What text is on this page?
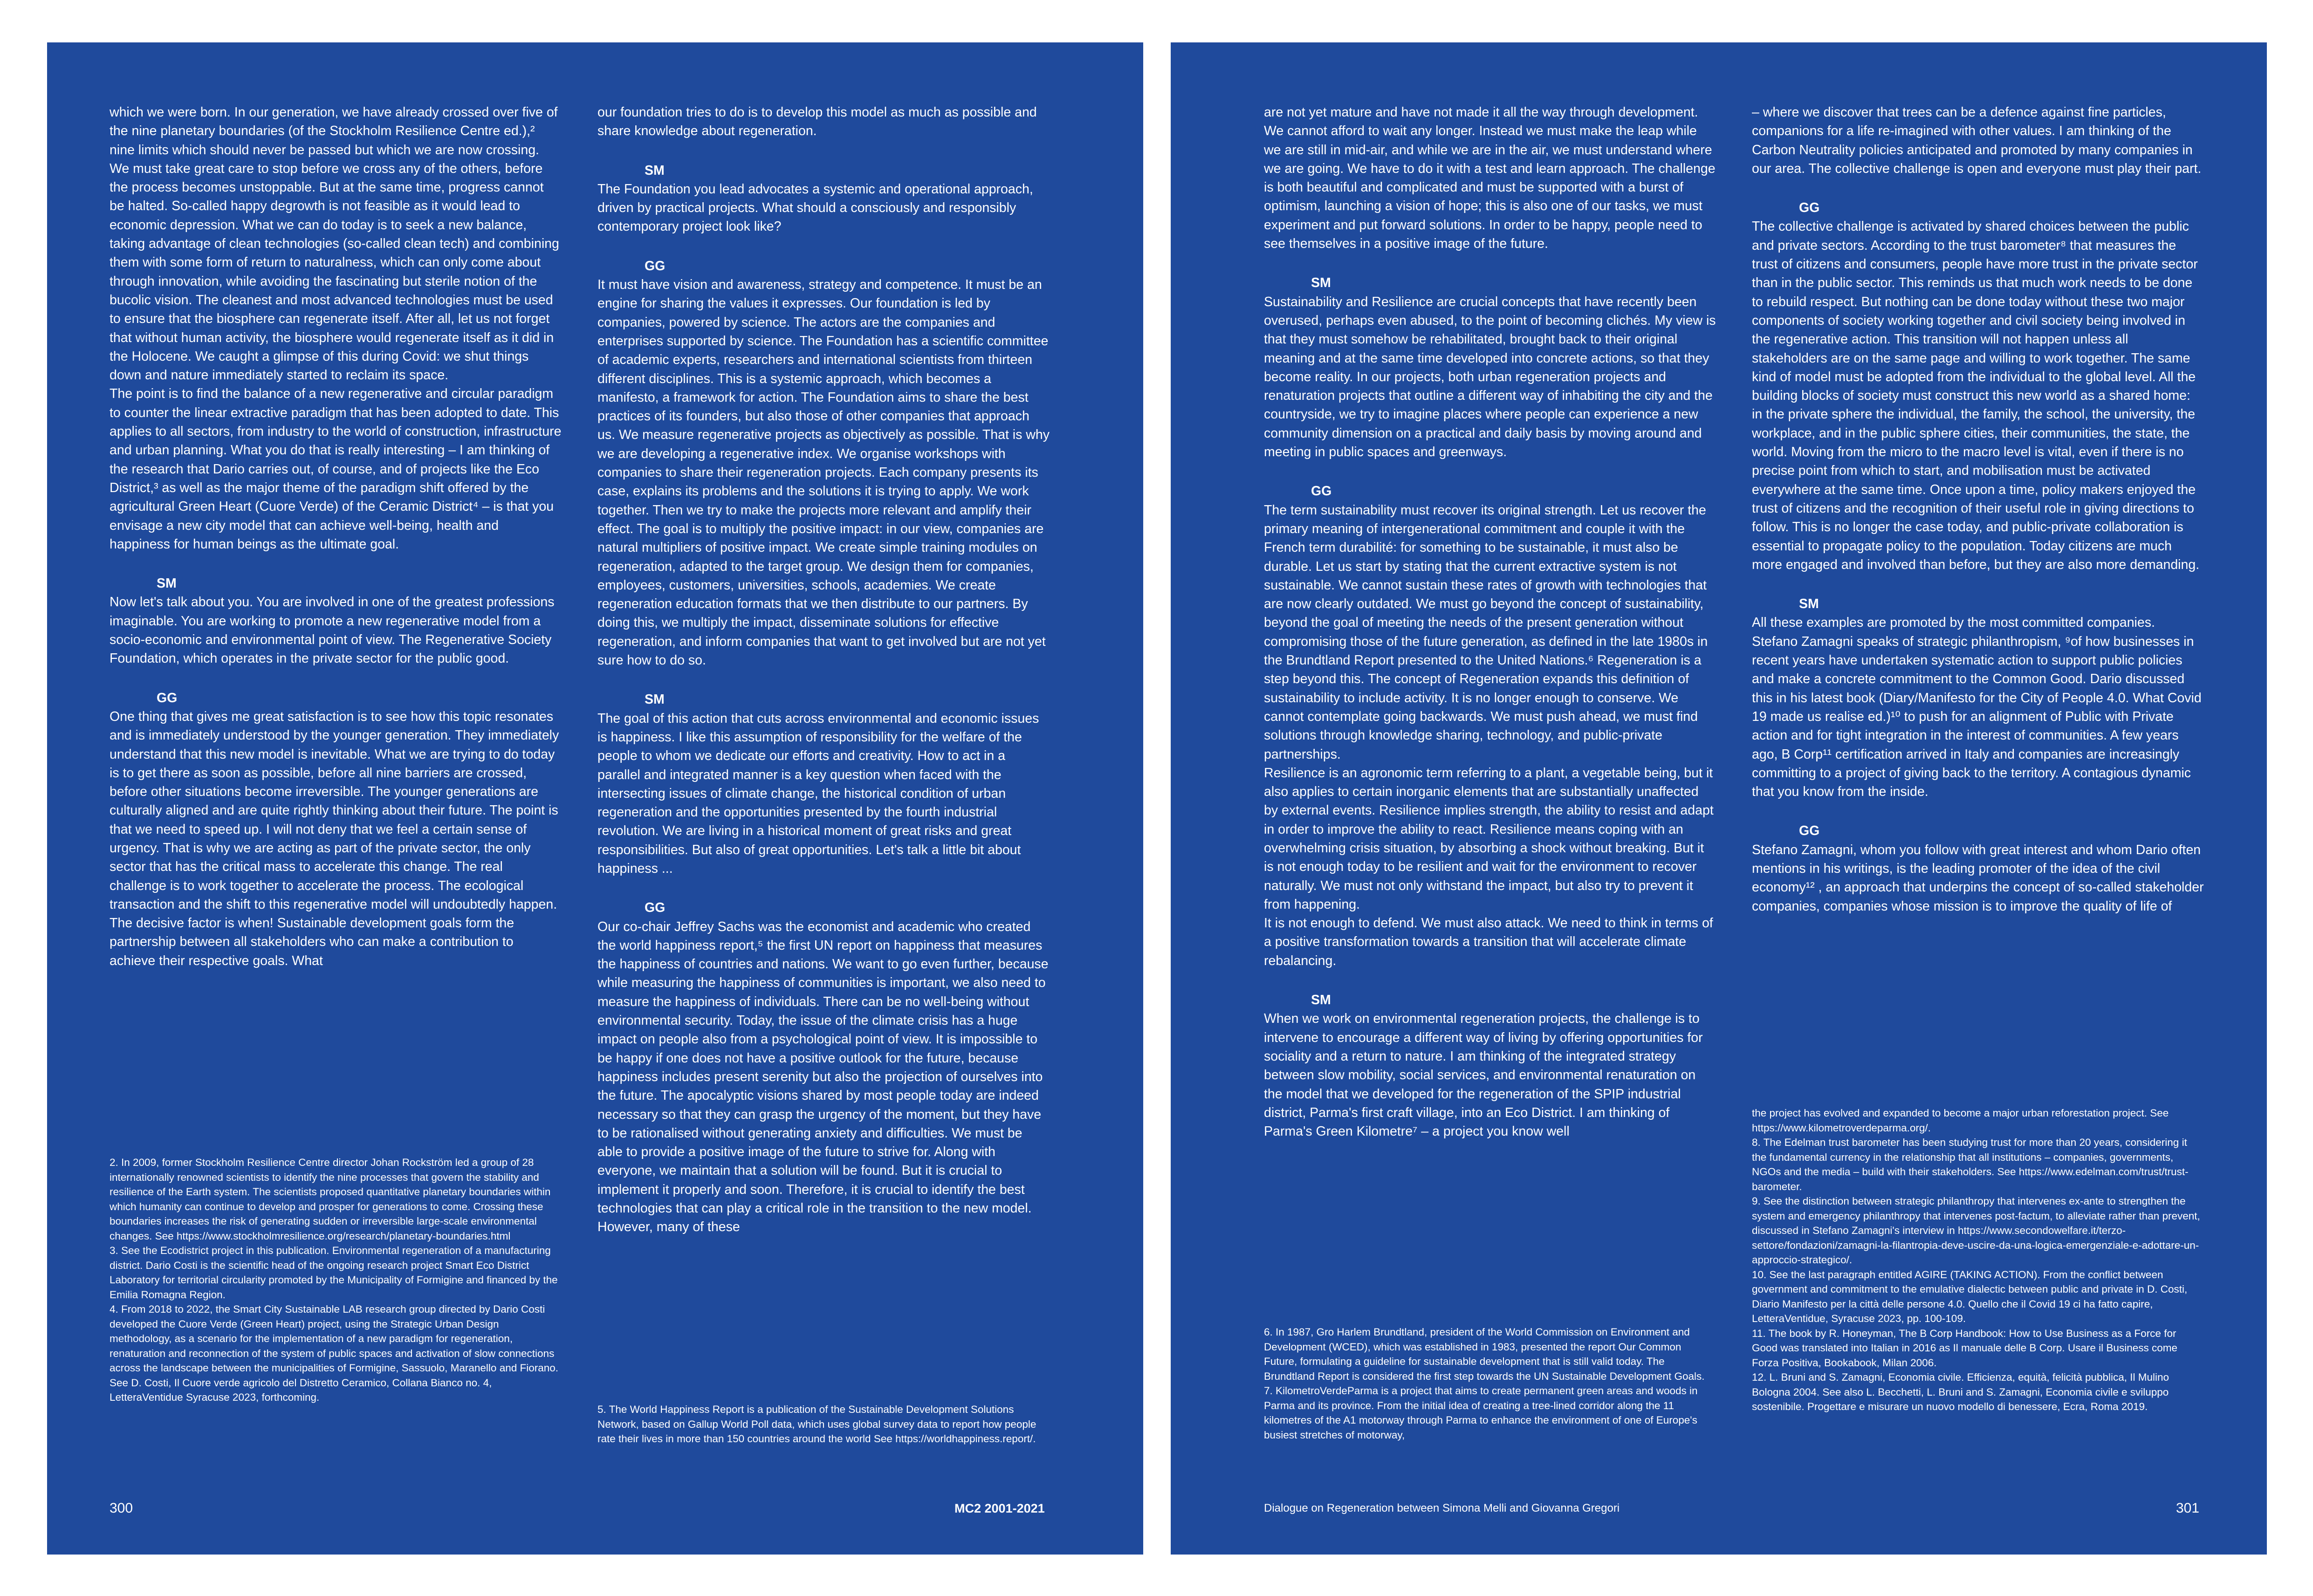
which we were born. In our generation, we have already crossed over five of the nine planetary boundaries (of the Stockholm Resilience Centre ed.),² nine limits which should never be passed but which we are now crossing. We must take great care to stop before we cross any of the others, before the process becomes unstoppable. But at the same time, progress cannot be halted. So-called happy degrowth is not feasible as it would lead to economic depression. What we can do today is to seek a new balance, taking advantage of clean technologies (so-called clean tech) and combining them with some form of return to naturalness, which can only come about through innovation, while avoiding the fascinating but sterile notion of the bucolic vision. The cleanest and most advanced technologies must be used to ensure that the biosphere can regenerate itself. After all, let us not forget that without human activity, the biosphere would regenerate itself as it did in the Holocene. We caught a glimpse of this during Covid: we shut things down and nature immediately started to reclaim its space.

The point is to find the balance of a new regenerative and circular paradigm to counter the linear extractive paradigm that has been adopted to date. This applies to all sectors, from industry to the world of construction, infrastructure and urban planning. What you do that is really interesting – I am thinking of the research that Dario carries out, of course, and of projects like the Eco District,³ as well as the major theme of the paradigm shift offered by the agricultural Green Heart (Cuore Verde) of the Ceramic District⁴ – is that you envisage a new city model that can achieve well-being, health and happiness for human beings as the ultimate goal.

SM

Now let's talk about you. You are involved in one of the greatest professions imaginable. You are working to promote a new regenerative model from a socio-economic and environmental point of view. The Regenerative Society Foundation, which operates in the private sector for the public good.

GG

One thing that gives me great satisfaction is to see how this topic resonates and is immediately understood by the younger generation. They immediately understand that this new model is inevitable. What we are trying to do today is to get there as soon as possible, before all nine barriers are crossed, before other situations become irreversible. The younger generations are culturally aligned and are quite rightly thinking about their future. The point is that we need to speed up. I will not deny that we feel a certain sense of urgency. That is why we are acting as part of the private sector, the only sector that has the critical mass to accelerate this change. The real challenge is to work together to accelerate the process. The ecological transaction and the shift to this regenerative model will undoubtedly happen. The decisive factor is when! Sustainable development goals form the partnership between all stakeholders who can make a contribution to achieve their respective goals. What

2. In 2009, former Stockholm Resilience Centre director Johan Rockström led a group of 28 internationally renowned scientists to identify the nine processes that govern the stability and resilience of the Earth system. The scientists proposed quantitative planetary boundaries within which humanity can continue to develop and prosper for generations to come. Crossing these boundaries increases the risk of generating sudden or irreversible large-scale environmental changes. See https://www.stockholmresilience.org/research/planetary-boundaries.html
3. See the Ecodistrict project in this publication. Environmental regeneration of a manufacturing district. Dario Costi is the scientific head of the ongoing research project Smart Eco District Laboratory for territorial circularity promoted by the Municipality of Formigine and financed by the Emilia Romagna Region.
4. From 2018 to 2022, the Smart City Sustainable LAB research group directed by Dario Costi developed the Cuore Verde (Green Heart) project, using the Strategic Urban Design methodology, as a scenario for the implementation of a new paradigm for regeneration, renaturation and reconnection of the system of public spaces and activation of slow connections across the landscape between the municipalities of Formigine, Sassuolo, Maranello and Fiorano. See D. Costi, Il Cuore verde agricolo del Distretto Ceramico, Collana Bianco no. 4, LetteraVentidue Syracuse 2023, forthcoming.

our foundation tries to do is to develop this model as much as possible and share knowledge about regeneration.

SM

The Foundation you lead advocates a systemic and operational approach, driven by practical projects. What should a consciously and responsibly contemporary project look like?

GG

It must have vision and awareness, strategy and competence. It must be an engine for sharing the values it expresses. Our foundation is led by companies, powered by science. The actors are the companies and enterprises supported by science. The Foundation has a scientific committee of academic experts, researchers and international scientists from thirteen different disciplines. This is a systemic approach, which becomes a manifesto, a framework for action. The Foundation aims to share the best practices of its founders, but also those of other companies that approach us. We measure regenerative projects as objectively as possible. That is why we are developing a regenerative index. We organise workshops with companies to share their regeneration projects. Each company presents its case, explains its problems and the solutions it is trying to apply. We work together. Then we try to make the projects more relevant and amplify their effect. The goal is to multiply the positive impact: in our view, companies are natural multipliers of positive impact. We create simple training modules on regeneration, adapted to the target group. We design them for companies, employees, customers, universities, schools, academies. We create regeneration education formats that we then distribute to our partners. By doing this, we multiply the impact, disseminate solutions for effective regeneration, and inform companies that want to get involved but are not yet sure how to do so.

SM

The goal of this action that cuts across environmental and economic issues is happiness. I like this assumption of responsibility for the welfare of the people to whom we dedicate our efforts and creativity. How to act in a parallel and integrated manner is a key question when faced with the intersecting issues of climate change, the historical condition of urban regeneration and the opportunities presented by the fourth industrial revolution. We are living in a historical moment of great risks and great responsibilities. But also of great opportunities. Let's talk a little bit about happiness ...

GG

Our co-chair Jeffrey Sachs was the economist and academic who created the world happiness report,⁵ the first UN report on happiness that measures the happiness of countries and nations. We want to go even further, because while measuring the happiness of communities is important, we also need to measure the happiness of individuals. There can be no well-being without environmental security. Today, the issue of the climate crisis has a huge impact on people also from a psychological point of view. It is impossible to be happy if one does not have a positive outlook for the future, because happiness includes present serenity but also the projection of ourselves into the future. The apocalyptic visions shared by most people today are indeed necessary so that they can grasp the urgency of the moment, but they have to be rationalised without generating anxiety and difficulties. We must be able to provide a positive image of the future to strive for. Along with everyone, we maintain that a solution will be found. But it is crucial to implement it properly and soon. Therefore, it is crucial to identify the best technologies that can play a critical role in the transition to the new model. However, many of these

5. The World Happiness Report is a publication of the Sustainable Development Solutions Network, based on Gallup World Poll data, which uses global survey data to report how people rate their lives in more than 150 countries around the world See https://worldhappiness.report/.

300	MC2 2001-2021

are not yet mature and have not made it all the way through development. We cannot afford to wait any longer. Instead we must make the leap while we are still in mid-air, and while we are in the air, we must understand where we are going. We have to do it with a test and learn approach. The challenge is both beautiful and complicated and must be supported with a burst of optimism, launching a vision of hope; this is also one of our tasks, we must experiment and put forward solutions. In order to be happy, people need to see themselves in a positive image of the future.

SM

Sustainability and Resilience are crucial concepts that have recently been overused, perhaps even abused, to the point of becoming clichés. My view is that they must somehow be rehabilitated, brought back to their original meaning and at the same time developed into concrete actions, so that they become reality. In our projects, both urban regeneration projects and renaturation projects that outline a different way of inhabiting the city and the countryside, we try to imagine places where people can experience a new community dimension on a practical and daily basis by moving around and meeting in public spaces and greenways.

GG

The term sustainability must recover its original strength. Let us recover the primary meaning of intergenerational commitment and couple it with the French term durabilité: for something to be sustainable, it must also be durable. Let us start by stating that the current extractive system is not sustainable. We cannot sustain these rates of growth with technologies that are now clearly outdated. We must go beyond the concept of sustainability, beyond the goal of meeting the needs of the present generation without compromising those of the future generation, as defined in the late 1980s in the Brundtland Report presented to the United Nations.⁶ Regeneration is a step beyond this. The concept of Regeneration expands this definition of sustainability to include activity. It is no longer enough to conserve. We cannot contemplate going backwards. We must push ahead, we must find solutions through knowledge sharing, technology, and public-private partnerships.

Resilience is an agronomic term referring to a plant, a vegetable being, but it also applies to certain inorganic elements that are substantially unaffected by external events. Resilience implies strength, the ability to resist and adapt in order to improve the ability to react. Resilience means coping with an overwhelming crisis situation, by absorbing a shock without breaking. But it is not enough today to be resilient and wait for the environment to recover naturally. We must not only withstand the impact, but also try to prevent it from happening.

It is not enough to defend. We must also attack. We need to think in terms of a positive transformation towards a transition that will accelerate climate rebalancing.

SM

When we work on environmental regeneration projects, the challenge is to intervene to encourage a different way of living by offering opportunities for sociality and a return to nature. I am thinking of the integrated strategy between slow mobility, social services, and environmental renaturation on the model that we developed for the regeneration of the SPIP industrial district, Parma's first craft village, into an Eco District. I am thinking of Parma's Green Kilometre⁷ – a project you know well

6. In 1987, Gro Harlem Brundtland, president of the World Commission on Environment and Development (WCED), which was established in 1983, presented the report Our Common Future, formulating a guideline for sustainable development that is still valid today. The Brundtland Report is considered the first step towards the UN Sustainable Development Goals.
7. KilometroVerdeParma is a project that aims to create permanent green areas and woods in Parma and its province. From the initial idea of creating a tree-lined corridor along the 11 kilometres of the A1 motorway through Parma to enhance the environment of one of Europe's busiest stretches of motorway,

– where we discover that trees can be a defence against fine particles, companions for a life re-imagined with other values. I am thinking of the Carbon Neutrality policies anticipated and promoted by many companies in our area. The collective challenge is open and everyone must play their part.

GG

The collective challenge is activated by shared choices between the public and private sectors. According to the trust barometer⁸ that measures the trust of citizens and consumers, people have more trust in the private sector than in the public sector. This reminds us that much work needs to be done to rebuild respect. But nothing can be done today without these two major components of society working together and civil society being involved in the regenerative action. This transition will not happen unless all stakeholders are on the same page and willing to work together. The same kind of model must be adopted from the individual to the global level. All the building blocks of society must construct this new world as a shared home: in the private sphere the individual, the family, the school, the university, the workplace, and in the public sphere cities, their communities, the state, the world. Moving from the micro to the macro level is vital, even if there is no precise point from which to start, and mobilisation must be activated everywhere at the same time. Once upon a time, policy makers enjoyed the trust of citizens and the recognition of their useful role in giving directions to follow. This is no longer the case today, and public-private collaboration is essential to propagate policy to the population. Today citizens are much more engaged and involved than before, but they are also more demanding.

SM

All these examples are promoted by the most committed companies. Stefano Zamagni speaks of strategic philanthropism, ⁹of how businesses in recent years have undertaken systematic action to support public policies and make a concrete commitment to the Common Good. Dario discussed this in his latest book (Diary/Manifesto for the City of People 4.0. What Covid 19 made us realise ed.)¹⁰ to push for an alignment of Public with Private action and for tight integration in the interest of communities. A few years ago, B Corp¹¹ certification arrived in Italy and companies are increasingly committing to a project of giving back to the territory. A contagious dynamic that you know from the inside.

GG

Stefano Zamagni, whom you follow with great interest and whom Dario often mentions in his writings, is the leading promoter of the idea of the civil economy¹² , an approach that underpins the concept of so-called stakeholder companies, companies whose mission is to improve the quality of life of

the project has evolved and expanded to become a major urban reforestation project. See https://www.kilometroverdeparma.org/.
8. The Edelman trust barometer has been studying trust for more than 20 years, considering it the fundamental currency in the relationship that all institutions – companies, governments, NGOs and the media – build with their stakeholders. See https://www.edelman.com/trust/trust-barometer.
9. See the distinction between strategic philanthropy that intervenes ex-ante to strengthen the system and emergency philanthropy that intervenes post-factum, to alleviate rather than prevent, discussed in Stefano Zamagni's interview in https://www.secondowelfare.it/terzo-settore/fondazioni/zamagni-la-filantropia-deve-uscire-da-una-logica-emergenziale-e-adottare-un-approccio-strategico/.
10. See the last paragraph entitled AGIRE (TAKING ACTION). From the conflict between government and commitment to the emulative dialectic between public and private in D. Costi, Diario Manifesto per la città delle persone 4.0. Quello che il Covid 19 ci ha fatto capire, LetteraVentidue, Syracuse 2023, pp. 100-109.
11. The book by R. Honeyman, The B Corp Handbook: How to Use Business as a Force for Good was translated into Italian in 2016 as Il manuale delle B Corp. Usare il Business come Forza Positiva, Bookabook, Milan 2006.
12. L. Bruni and S. Zamagni, Economia civile. Efficienza, equità, felicità pubblica, Il Mulino Bologna 2004. See also L. Becchetti, L. Bruni and S. Zamagni, Economia civile e sviluppo sostenibile. Progettare e misurare un nuovo modello di benessere, Ecra, Roma 2019.

Dialogue on Regeneration between Simona Melli and Giovanna Gregori	301
